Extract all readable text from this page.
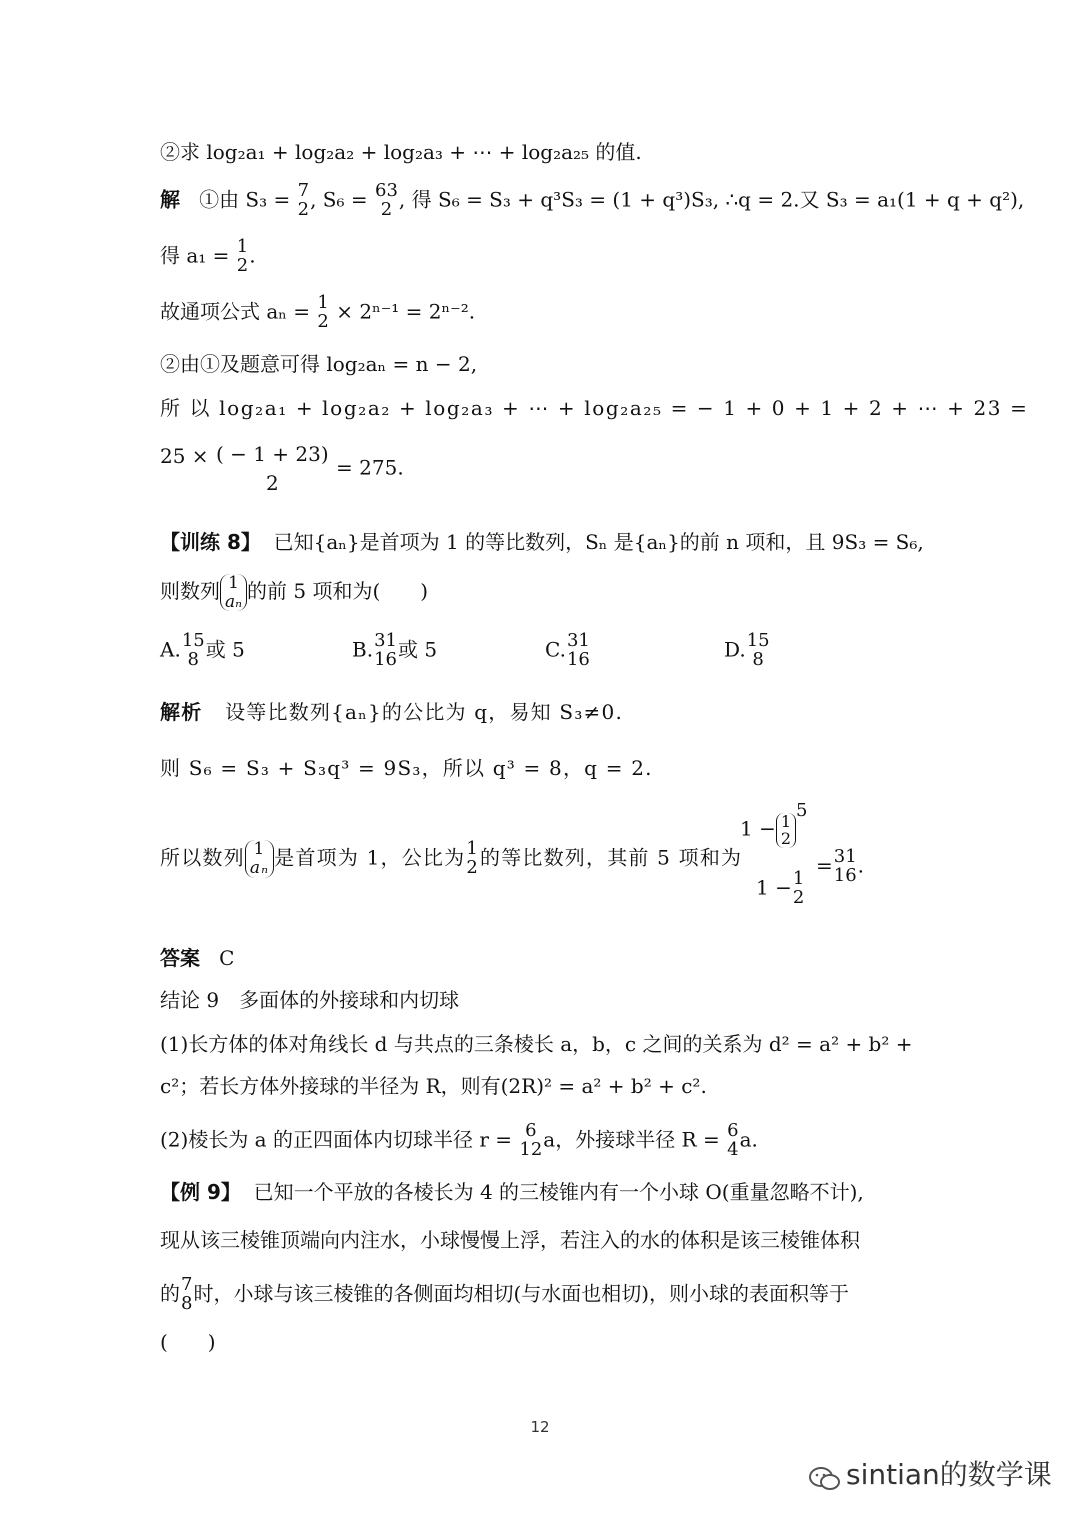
②求 log₂a₁ + log₂a₂ + log₂a₃ + ⋯ + log₂a₂₅ 的值.
解 ①由 S₃ = 7
2 , S₆ = 63
2 , 得 S₆ = S₃ + q³S₃ = (1 + q³)S₃, ∴q = 2.又 S₃ = a₁(1 + q + q²),
得 a₁ = 1
2 .
故通项公式 aₙ = 1
2 × 2ⁿ⁻¹ = 2ⁿ⁻².
②由①及题意可得 log₂aₙ = n − 2,
所 以 log₂a₁ + log₂a₂ + log₂a₃ + ⋯ + log₂a₂₅ = − 1 + 0 + 1 + 2 + ⋯ + 23 =
25 × ( − 1 + 23)
2
= 275.
【训练 8】 已知{aₙ}是首项为 1 的等比数列，Sₙ 是{aₙ}的前 n 项和，且 9S₃ = S₆,
则数列 1
aₙ 的前 5 项和为(　　)
A. 15
8 或 5	B. 31
16 或 5	C. 31
16	D. 15
8
解析 设等比数列{aₙ}的公比为 q，易知 S₃≠0.
则 S₆ = S₃ + S₃q³ = 9S₃，所以 q³ = 8，q = 2.
所以数列 1
aₙ 是首项为 1，公比为 1
2 的等比数列，其前 5 项和为
1 − 1
2
$^5$
1 − 1
2
= 31
16 .
答案 C
结论 9　多面体的外接球和内切球
(1)长方体的体对角线长 d 与共点的三条棱长 a，b，c 之间的关系为 d² = a² + b² +
c²；若长方体外接球的半径为 R，则有(2R)² = a² + b² + c².
(2)棱长为 a 的正四面体内切球半径 r = 6
12 a，外接球半径 R = 6
4 a.
【例 9】 已知一个平放的各棱长为 4 的三棱锥内有一个小球 O(重量忽略不计),
现从该三棱锥顶端向内注水，小球慢慢上浮，若注入的水的体积是该三棱锥体积
的 7
8 时，小球与该三棱锥的各侧面均相切(与水面也相切)，则小球的表面积等于
(　　)
12
sintian的数学课
